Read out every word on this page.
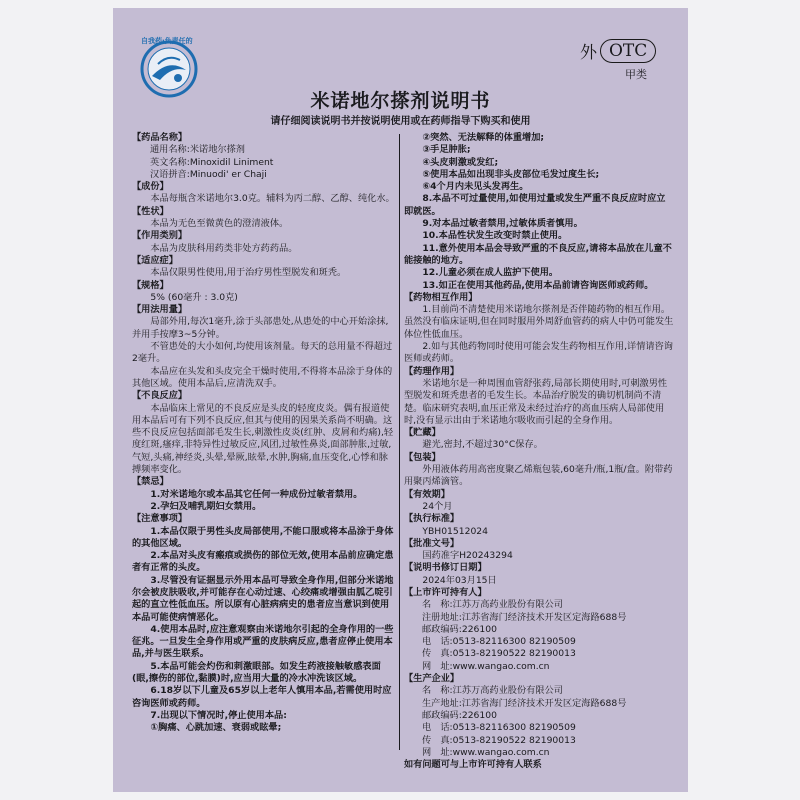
自我药·负责任的
外 OTC
甲类
米诺地尔搽剂说明书
请仔细阅读说明书并按说明使用或在药师指导下购买和使用
【药品名称】
通用名称:米诺地尔搽剂
英文名称:Minoxidil Liniment
汉语拼音:Minuodi' er Chaji
【成份】
本品每瓶含米诺地尔3.0克。辅料为丙二醇、乙醇、纯化水。
【性状】
本品为无色至微黄色的澄清液体。
【作用类别】
本品为皮肤科用药类非处方药药品。
【适应症】
本品仅限男性使用,用于治疗男性型脱发和斑秃。
【规格】
5% (60毫升 : 3.0克)
【用法用量】
局部外用,每次1毫升,涂于头部患处,从患处的中心开始涂抹,并用手按摩3~5分钟。
不管患处的大小如何,均使用该剂量。每天的总用量不得超过2毫升。
本品应在头发和头皮完全干燥时使用,不得将本品涂于身体的其他区域。使用本品后,应清洗双手。
【不良反应】
本品临床上常见的不良反应是头皮的轻度皮炎。偶有报道使用本品后可有下列不良反应,但其与使用的因果关系尚不明确。这些不良反应包括面部毛发生长,刺激性皮炎(红肿、皮屑和灼痛),轻度红斑,瘙痒,非特异性过敏反应,风团,过敏性鼻炎,面部肿胀,过敏,气短,头痛,神经炎,头晕,晕厥,眩晕,水肿,胸痛,血压变化,心悸和脉搏频率变化。
【禁忌】
1.对米诺地尔或本品其它任何一种成份过敏者禁用。
2.孕妇及哺乳期妇女禁用。
【注意事项】
1.本品仅限于男性头皮局部使用,不能口服或将本品涂于身体的其他区域。
2.本品对头皮有瘢痕或损伤的部位无效,使用本品前应确定患者有正常的头皮。
3.尽管没有证据显示外用本品可导致全身作用,但部分米诺地尔会被皮肤吸收,并可能存在心动过速、心绞痛或增强由胍乙啶引起的直立性低血压。所以原有心脏病病史的患者应当意识到使用本品可能使病情恶化。
4.使用本品时,应注意观察由米诺地尔引起的全身作用的一些征兆。一旦发生全身作用或严重的皮肤病反应,患者应停止使用本品,并与医生联系。
5.本品可能会灼伤和刺激眼部。如发生药液接触敏感表面(眼,擦伤的部位,黏膜)时,应当用大量的冷水冲洗该区域。
6.18岁以下儿童及65岁以上老年人慎用本品,若需使用时应咨询医师或药师。
7.出现以下情况时,停止使用本品:
①胸痛、心跳加速、衰弱或眩晕;
②突然、无法解释的体重增加;
③手足肿胀;
④头皮刺激或发红;
⑤使用本品如出现非头皮部位毛发过度生长;
⑥4个月内未见头发再生。
8.本品不可过量使用,如使用过量或发生严重不良反应时应立即就医。
9.对本品过敏者禁用,过敏体质者慎用。
10.本品性状发生改变时禁止使用。
11.意外使用本品会导致严重的不良反应,请将本品放在儿童不能接触的地方。
12.儿童必须在成人监护下使用。
13.如正在使用其他药品,使用本品前请咨询医师或药师。
【药物相互作用】
1.目前尚不清楚使用米诺地尔搽剂是否伴随药物的相互作用。虽然没有临床证明,但在同时服用外周舒血管药的病人中仍可能发生体位性低血压。
2.如与其他药物同时使用可能会发生药物相互作用,详情请咨询医师或药师。
【药理作用】
米诺地尔是一种周围血管舒张药,局部长期使用时,可刺激男性型脱发和斑秃患者的毛发生长。本品治疗脱发的确切机制尚不清楚。临床研究表明,血压正常及未经过治疗的高血压病人局部使用时,没有显示出由于米诺地尔吸收而引起的全身作用。
【贮藏】
避光,密封,不超过30°C保存。
【包装】
外用液体药用高密度聚乙烯瓶包装,60毫升/瓶,1瓶/盒。附带药用聚丙烯滴管。
【有效期】
24个月
【执行标准】
YBH01512024
【批准文号】
国药准字H20243294
【说明书修订日期】
2024年03月15日
【上市许可持有人】
名　称:江苏万高药业股份有限公司
注册地址:江苏省海门经济技术开发区定海路688号
邮政编码:226100
电　话:0513-82116300 82190509
传　真:0513-82190522 82190013
网　址:www.wangao.com.cn
【生产企业】
名　称:江苏万高药业股份有限公司
生产地址:江苏省海门经济技术开发区定海路688号
邮政编码:226100
电　话:0513-82116300 82190509
传　真:0513-82190522 82190013
网　址:www.wangao.com.cn
如有问题可与上市许可持有人联系
